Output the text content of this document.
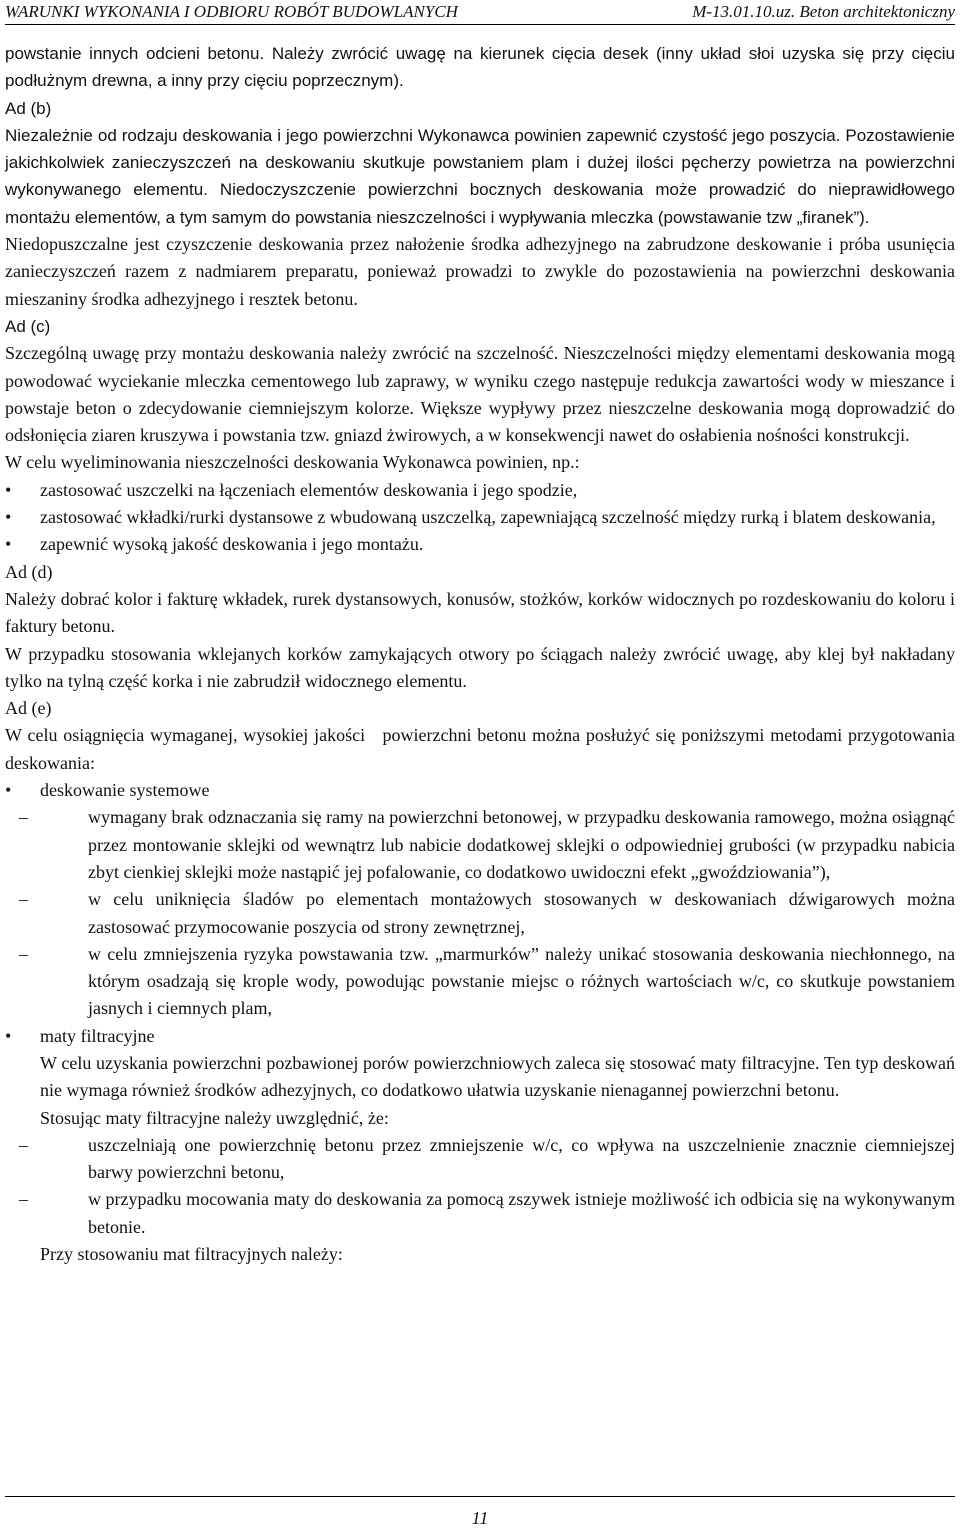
WARUNKI WYKONANIA I ODBIORU ROBÓT BUDOWLANYCH	M-13.01.10.uz. Beton architektoniczny

powstanie innych odcieni betonu. Należy zwrócić uwagę na kierunek cięcia desek (inny układ słoi uzyska się przy cięciu podłużnym drewna, a inny przy cięciu poprzecznym).

Ad (b)

Niezależnie od rodzaju deskowania i jego powierzchni Wykonawca powinien zapewnić czystość jego poszycia. Pozostawienie jakichkolwiek zanieczyszczeń na deskowaniu skutkuje powstaniem plam i dużej ilości pęcherzy powietrza na powierzchni wykonywanego elementu. Niedoczyszczenie powierzchni bocznych deskowania może prowadzić do nieprawidłowego montażu elementów, a tym samym do powstania nieszczelności i wypływania mleczka (powstawanie tzw „firanek”).

Niedopuszczalne jest czyszczenie deskowania przez nałożenie środka adhezyjnego na zabrudzone deskowanie i próba usunięcia zanieczyszczeń razem z nadmiarem preparatu, ponieważ prowadzi to zwykle do pozostawienia na powierzchni deskowania mieszaniny środka adhezyjnego i resztek betonu.

Ad (c)

Szczególną uwagę przy montażu deskowania należy zwrócić na szczelność. Nieszczelności między elementami deskowania mogą powodować wyciekanie mleczka cementowego lub zaprawy, w wyniku czego następuje redukcja zawartości wody w mieszance i powstaje beton o zdecydowanie ciemniejszym kolorze. Większe wypływy przez nieszczelne deskowania mogą doprowadzić do odsłonięcia ziaren kruszywa i powstania tzw. gniazd żwirowych, a w konsekwencji nawet do osłabienia nośności konstrukcji.

W celu wyeliminowania nieszczelności deskowania Wykonawca powinien, np.:

•	zastosować uszczelki na łączeniach elementów deskowania i jego spodzie,
•	zastosować wkładki/rurki dystansowe z wbudowaną uszczelką, zapewniającą szczelność między rurką i blatem deskowania,
•	zapewnić wysoką jakość deskowania i jego montażu.

Ad (d)

Należy dobrać kolor i fakturę wkładek, rurek dystansowych, konusów, stożków, korków widocznych po rozdeskowaniu do koloru i faktury betonu.

W przypadku stosowania wklejanych korków zamykających otwory po ściągach należy zwrócić uwagę, aby klej był nakładany tylko na tylną część korka i nie zabrudził widocznego elementu.

Ad (e)

W celu osiągnięcia wymaganej, wysokiej jakości   powierzchni betonu można posłużyć się poniższymi metodami przygotowania deskowania:

•	deskowanie systemowe
–	wymagany brak odznaczania się ramy na powierzchni betonowej, w przypadku deskowania ramowego, można osiągnąć przez montowanie sklejki od wewnątrz lub nabicie dodatkowej sklejki o odpowiedniej grubości (w przypadku nabicia zbyt cienkiej sklejki może nastąpić jej pofalowanie, co dodatkowo uwidoczni efekt „gwoździowania”),
–	w celu uniknięcia śladów po elementach montażowych stosowanych w deskowaniach dźwigarowych można zastosować przymocowanie poszycia od strony zewnętrznej,
–	w celu zmniejszenia ryzyka powstawania tzw. „marmurków” należy unikać stosowania deskowania niechłonnego, na którym osadzają się krople wody, powodując powstanie miejsc o różnych wartościach w/c, co skutkuje powstaniem jasnych i ciemnych plam,
•	maty filtracyjne

W celu uzyskania powierzchni pozbawionej porów powierzchniowych zaleca się stosować maty filtracyjne. Ten typ deskowań nie wymaga również środków adhezyjnych, co dodatkowo ułatwia uzyskanie nienagannej powierzchni betonu.

Stosując maty filtracyjne należy uwzględnić, że:

–	uszczelniają one powierzchnię betonu przez zmniejszenie w/c, co wpływa na uszczelnienie znacznie ciemniejszej barwy powierzchni betonu,
–	w przypadku mocowania maty do deskowania za pomocą zszywek istnieje możliwość ich odbicia się na wykonywanym betonie.

Przy stosowaniu mat filtracyjnych należy:

11
